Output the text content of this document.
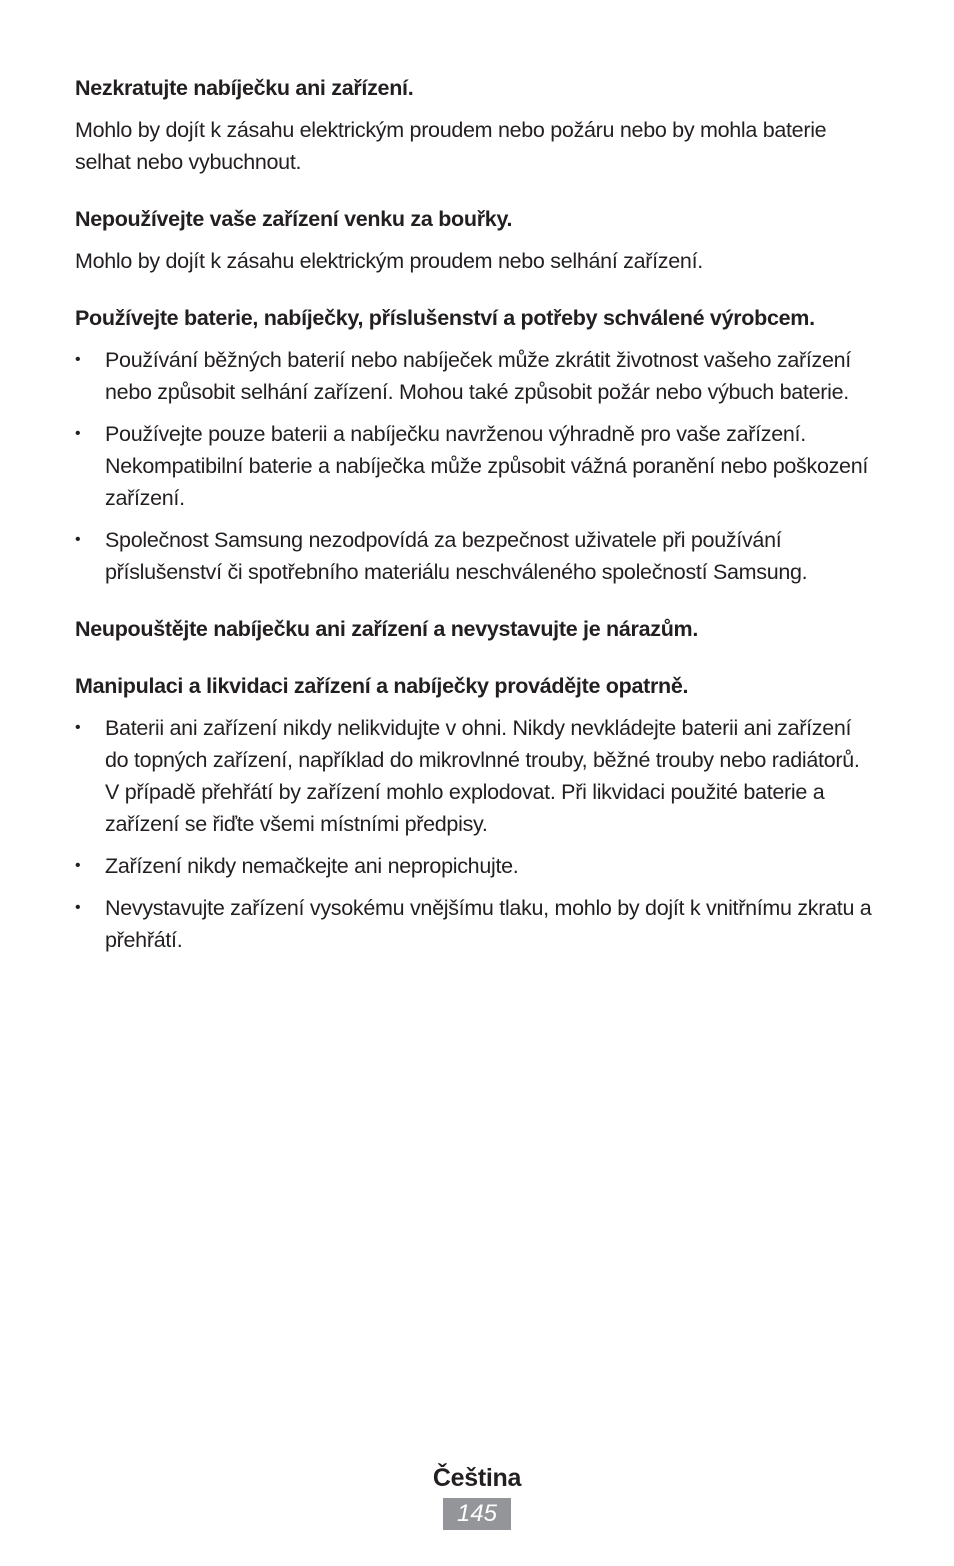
Nezkratujte nabíječku ani zařízení.

Mohlo by dojít k zásahu elektrickým proudem nebo požáru nebo by mohla baterie selhat nebo vybuchnout.

Nepoužívejte vaše zařízení venku za bouřky.

Mohlo by dojít k zásahu elektrickým proudem nebo selhání zařízení.

Používejte baterie, nabíječky, příslušenství a potřeby schválené výrobcem.

• Používání běžných baterií nebo nabíječek může zkrátit životnost vašeho zařízení nebo způsobit selhání zařízení. Mohou také způsobit požár nebo výbuch baterie.
• Používejte pouze baterii a nabíječku navrženou výhradně pro vaše zařízení. Nekompatibilní baterie a nabíječka může způsobit vážná poranění nebo poškození zařízení.
• Společnost Samsung nezodpovídá za bezpečnost uživatele při používání příslušenství či spotřebního materiálu neschváleného společností Samsung.

Neupouštějte nabíječku ani zařízení a nevystavujte je nárazům.

Manipulaci a likvidaci zařízení a nabíječky provádějte opatrně.

• Baterii ani zařízení nikdy nelikvidujte v ohni. Nikdy nevkládejte baterii ani zařízení do topných zařízení, například do mikrovlnné trouby, běžné trouby nebo radiátorů. V případě přehřátí by zařízení mohlo explodovat. Při likvidaci použité baterie a zařízení se řiďte všemi místními předpisy.
• Zařízení nikdy nemačkejte ani nepropichujte.
• Nevystavujte zařízení vysokému vnějšímu tlaku, mohlo by dojít k vnitřnímu zkratu a přehřátí.
Čeština
145
